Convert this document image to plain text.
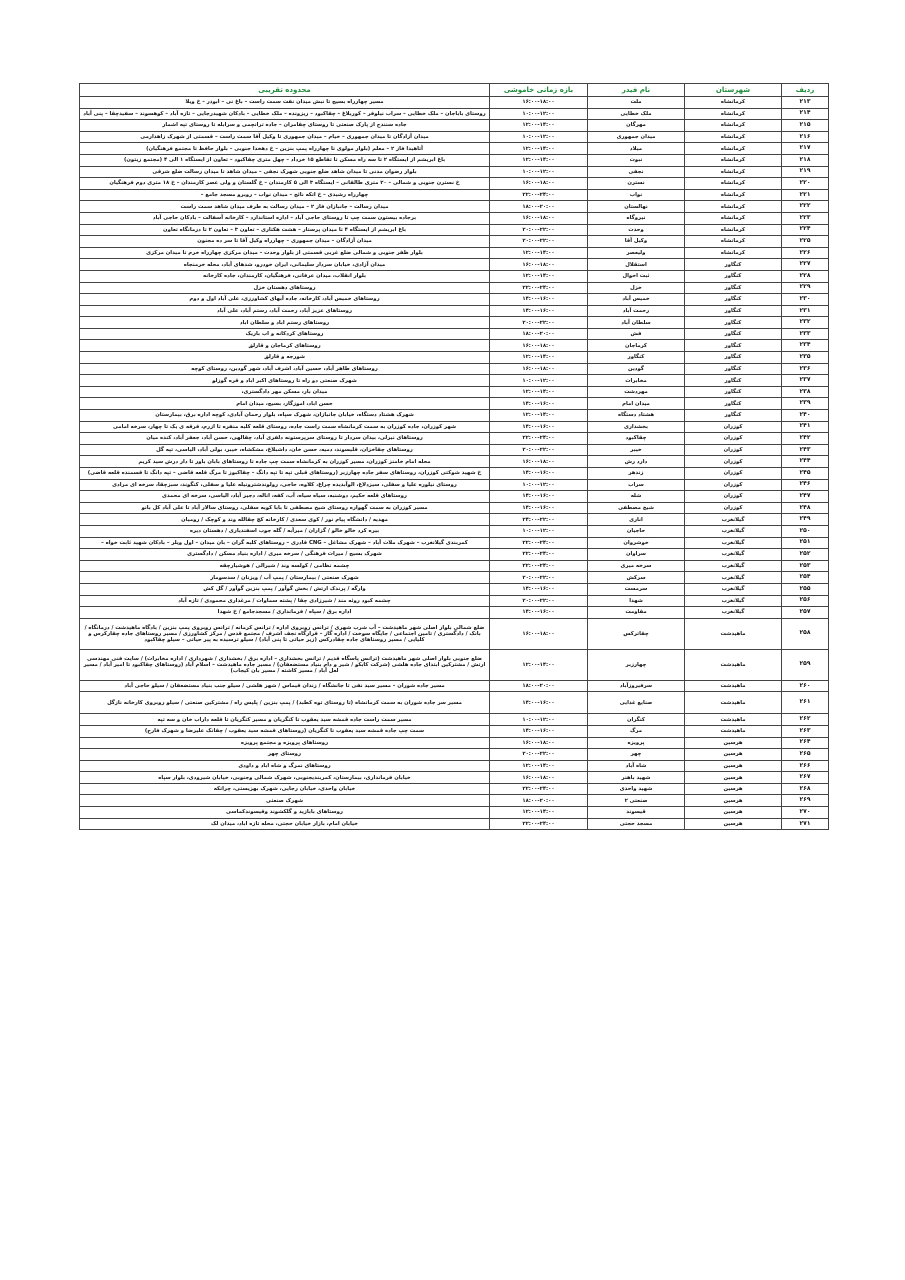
ردیف	شهرستان	نام فیدر	بازه زمانی خاموشی	محدوده تقریبی
۲۱۳	کرمانشاه	ملت	۱۶:۰۰-۱۸:۰۰	مسیر چهارراه بسیج تا نبش میدان نفت سمت راست – باغ نی – ابوذر – خ ویلا
۲۱۴	کرمانشاه	ملک خطایی	۱۰:۰۰-۱۲:۰۰	روستای باباجان – ملک خطایی – سراب نیلوفر – کوربلاغ – چقاکبود – ریزونده – ملک خطایی – بادکان شهیدرجایی – تازه آباد – کوهسوند – سفیدچقا – پنی آباد
۲۱۵	کرمانشاه	مهرگان	۱۲:۰۰-۱۴:۰۰	جاده سنندج از پارک صنعتی تا روستای چقامران – جاده ترانچمی و سرابله تا روستای تپه اشمار
۲۱۶	کرمانشاه	میدان جمهوری	۱۰:۰۰-۱۲:۰۰	میدان آزادگان تا میدان جمهوری – خیام – میدان جمهوری تا وکیل آقا سمت راست – قسمتی از شهرک زاهدارمی
۲۱۷	کرمانشاه	میلاد	۱۲:۰۰-۱۴:۰۰	آتاهیدا فاز ۲ – معلم (بلوار مولوی تا چهارراه پمپ بنزین – خ دهخدا جنوبی – بلوار حافظ تا مجتمع فرهنگیان)
۲۱۸	کرمانشاه	نبوت	۱۲:۰۰-۱۴:۰۰	باغ ابریشم از ایستگاه ۲ تا سه راه مسکن تا تقاطع ۱۵ خرداد – چهل متری چقاکبود – تعاون از ایستگاه ۱ الی ۴ (مجتمع زیتون)
۲۱۹	کرمانشاه	نجفی	۱۰:۰۰-۱۲:۰۰	بلوار رضوان مدنی تا میدان شاهد ضلع جنوبی شهرک نجفی – میدان شاهد تا میدان رسالت ضلع شرقی
۲۲۰	کرمانشاه	نسترن	۱۶:۰۰-۱۸:۰۰	خ نسترن جنوبی و شمالی – ۲۰ متری طالقانی – ایستگاه ۳ الی ۵ کارمندان – خ گلستان و ولی عصر کارمندان – خ ۱۸ متری دوم فرهنگیان
۲۲۱	کرمانشاه	نواب	۲۲:۰۰-۲۴:۰۰	چهارراه رشیدی – خ اتکه نائج – میدان نواب – روبرو مسجد جامع –
۲۲۲	کرمانشاه	نهالستان	۱۸:۰۰-۲۰:۰۰	میدان رسالت – جانبازان فاز ۲ – میدان رسالت به طرف میدان شاهد سمت راست
۲۲۳	کرمانشاه	نیروگاه	۱۶:۰۰-۱۸:۰۰	برجاده بیستون سمت چپ تا روستای حاجی آباد – اداره استاندارد – کارخانه آسفالت – بادکان حاجی آباد
۲۲۴	کرمانشاه	وحدت	۲۰:۰۰-۲۲:۰۰	باغ ابریشم از ایستگاه ۴ تا میدان پرستار – هشت هکتاری – تعاون ۳ – تعاون ۲ تا درمانگاه تعاون
۲۲۵	کرمانشاه	وکیل آقا	۲۰:۰۰-۲۲:۰۰	میدان آزادگان – میدان جمهوری – چهارراه وکیل آقا تا سر ده مجنون
۲۲۶	کرمانشاه	ولیعصر	۱۲:۰۰-۱۴:۰۰	بلوار ظفر جنوبی و شمالی ضلع غربی قسمتی از بلوار وحدت – میدان مرکزی چهارراه خرم تا میدان مرکزی
۲۲۷	کنگاور	استقلال	۱۶:۰۰-۱۸:۰۰	میدان آزادی، خیابان سردار سلیمانی، ایران خودرو، شدهای آباد، محله خرمنجاه
۲۲۸	کنگاور	ثبت احوال	۱۲:۰۰-۱۴:۰۰	بلوار انقلاب، میدان عرفانی، فرهنگیان، کارمندان، جاده کارخانه
۲۲۹	کنگاور	خزل	۲۲:۰۰-۲۴:۰۰	روستاهای دهستان خزل
۲۳۰	کنگاور	خمیس آباد	۱۴:۰۰-۱۶:۰۰	روستاهای خمیس آباد، کارخانه، جاده آبهای کشاورزی، علی آباد اول و دوم
۲۳۱	کنگاور	رحمت آباد	۱۴:۰۰-۱۶:۰۰	روستاهای عزیز آباد، رحمت آباد، رستم آباد، علی آباد
۲۳۲	کنگاور	سلطان آباد	۲۰:۰۰-۲۲:۰۰	روستاهای رستم اباد و سلطان اباد
۲۳۳	کنگاور	فش	۱۸:۰۰-۲۰:۰۰	روستاهای کردکانه و اب باریک
۲۳۴	کنگاور	کرماجان	۱۶:۰۰-۱۸:۰۰	روستاهای کرماجان و قارلق
۲۳۵	کنگاور	کنگاور	۱۲:۰۰-۱۴:۰۰	شورجه و قارلق
۲۳۶	کنگاور	گودین	۱۶:۰۰-۱۸:۰۰	روستاهای طاهر آباد، حسین آباد، اشرف آباد، شهر گودین، روستای کوچه
۲۳۷	کنگاور	مخابرات	۱۰:۰۰-۱۲:۰۰	شهرک صنعتی دو راه تا روستاهای اکبر اباد و قره گوزلو
۲۳۸	کنگاور	مهردشت	۱۲:۰۰-۱۴:۰۰	میدان بار، مسکن مهر دادگستری،
۲۳۹	کنگاور	میدان امام	۱۴:۰۰-۱۶:۰۰	حسن اباد، اموزگار، بسیج، میدان امام
۲۴۰	کنگاور	هشتاد دستگاه	۱۲:۰۰-۱۴:۰۰	شهرک هشتاد دستگاه، خیابان جانبازان، شهرک سپاه، بلوار رحمان آبادی، کوچه اداره برق، بیمارستان
۲۴۱	کوزران	بخشداری	۱۴:۰۰-۱۶:۰۰	شهر کوزران، جاده کوزران به سمت کرمانشاه سمت راست جاده، روستای قلعه کلبه منفره تا ازرم، فرقه ی یک تا چهار، سرخه امامی
۲۴۲	کوزران	چقاکبود	۲۲:۰۰-۲۴:۰۰	روستاهای نیرلی، بیدان سردار تا روستای سرپرستونه دلفری آباد، چقالهی، حسن آباد، جعفر آباد، کنده میان
۲۴۳	کوزران	خیبر	۲۰:۰۰-۲۲:۰۰	روستاهای چقاخزان، قلیسوند، دمیه، حسن خان، داشبلاغ، مشکشاه، خیبر، بولی آباد، الیاسی، تپه گل
۲۴۴	کوزران	دارد رش	۱۶:۰۰-۱۸:۰۰	محله امام خامنز کوزران، مسیر کوزران به کرمانشاه سمت چپ جاده تا روستاهای بابان باور تا دار درش سید کریم
۲۴۵	کوزران	زندهر	۱۴:۰۰-۱۶:۰۰	خ شهید شوکتی کوزران، روستاهای سفر جاده چهارزبر (روستاهای قبلی تپه تا تپه دانگ – چقاکبوز تا مرگ قلعه قاضی – تپه دانگ تا قسمنده قلعه قاضی)
۲۴۶	کوزران	سراب	۱۰:۰۰-۱۲:۰۰	روستای نیلوره علیا و سفلی، سیزدلاغ، الوآبدیده چراغ، کلاوه، حاجی، رولوندشترونیله علیا و سفلی، کنگوند، سبزچقا، سرخه ای مرادی
۲۴۷	کوزران	شله	۱۴:۰۰-۱۶:۰۰	روستاهای قلعه حکیم، دوشنبه، سیاه سیاه، آب، کفه، اناله، دجیر آباد، الیاسی، سرخه ای محمدی
۲۴۸	کوزران	شیخ مصطفی	۱۴:۰۰-۱۶:۰۰	مسیر کوزران به سمت گهواره روستای شیخ مصطفی تا بابا کوبه سفلی، روستای سالار آباد تا علی آباد کل بانو
۲۴۹	گیلانغرب	اناری	۲۴:۰۰-۲۲:۰۰	مهدیه / دانشگاه پیام نور / کوی سعدی / کارخانه کچ چقالله وند و کوچک / رومیان
۲۵۰	گیلانغرب	حاجیان	۱۰:۰۰-۱۲:۰۰	بیره کرد خالو خالو / گزاران / میرآبه / گله جوب اسفندیاری / دهستان دیره
۲۵۱	گیلانغرب	خوشروان	۲۲:۰۰-۲۴:۰۰	کمربندی گیلانغرب – شهرک ملات آباد – شهرک مشاغل – CNG قادری – روستاهای کلبه گران – بان میدان – اول ویلر – بادکان شهید ثابت خواه –
۲۵۲	گیلانغرب	سراوان	۲۲:۰۰-۲۴:۰۰	شهرک بسیج / میراث فرهنگی / سرخه میری / اداره بنیاد مسکن / دادگستری
۲۵۳	گیلانغرب	سرخه میری	۲۲:۰۰-۲۴:۰۰	چشمه نظامی / کولسه وند / شیرالی / هوشیارچقه
۲۵۴	گیلانغرب	سرکش	۲۰:۰۰-۲۲:۰۰	شهرک صنعتی / بیمارستان / پمپ آب / ویزنان / سدسومار
۲۵۵	گیلانغرب	سرمست	۱۴:۰۰-۱۶:۰۰	وارگه / پرندک ارتش / بخش گوآور / پمپ بنزین گوآور / گل کش
۲۵۶	گیلانغرب	شهدا	۲۰:۰۰-۲۲:۰۰	چشمه کبود روئه مند / شیرزادی چقا / پشته سماوات / مرغداری محمودی / تازه آباد
۲۵۷	گیلانغرب	مقاومت	۱۴:۰۰-۱۶:۰۰	اداره برق / سپاه / فرمانداری / مسجدجامع / خ شهدا
۲۵۸	ماهیدشت	چقاترکس	۱۶:۰۰-۱۸:۰۰	ضلع شمالی بلوار اصلی شهر ماهیدشت – آب شرب شهری / ترانس روبروی اداره / ترانس کرمانه / ترانس روبروی پمپ بنزین / بادگاه ماهیدشت / درمانگاه / بانک / دادگستری / تامین اجتماعی / جایگاه سوخت / اداره گاز – قرارگاه نجف اشرف / مجتمع قدس / مرکز کشاورزی / مسیر روستاهای جاده چقارکرس و کلیایی / مسیر روستاهای جاده چقادرکس (زیر حیاتی تا پنی آباد) / سیلو ترسیده به پیر حیاتی – سیلو چقاکبود
۲۵۹	ماهیدشت	چهارزبر	۱۲:۰۰-۱۴:۰۰	ضلع جنوبی بلوار اصلی شهر ماهیدشت (ترانس پاسگاه قدیم / ترانس بخشداری – اداره برق / بخشداری / شهرداری / اداره مخابرات) / سایت فنی مهندسی ارتش / مشترکین ابتدای جاده هلشی (شرکت کابکو / شیر و دام بنیاد مستضعفان) / مسیر جاده ماهیدشت – اسلام آباد (روستاهای چقاکبود تا امیر آباد / مسیر لعل آباد / مسیر کاشته / مسیر بان کیجاب)
۲۶۰	ماهیدشت	سرفیروزآباد	۱۸:۰۰-۲۰:۰۰	مسیر جاده شوران – مسیر سید نفی تا جانشگاه / زندان قیماس / شهر هلشی / سیلو جنب بنیاد مستضعفان / سیلو حاجی آباد
۲۶۱	ماهیدشت	صنایع غذایی	۱۴:۰۰-۱۶:۰۰	مسیر سر جاده شوران به سمت کرمانشاه (تا روستای توه کطبد) / پمپ بنزین / پلیس راه / مشترکین صنعتی / سیلو روبروی کارخانه نازگل
۲۶۲	ماهیدشت	کنگران	۱۰:۰۰-۱۲:۰۰	مسیر سمت راست جاده قمشه سید یعقوب تا کنگریان و مسیر کنگریان تا قلعه داراب خان و سه تپه
۲۶۳	ماهیدشت	مرگ	۱۴:۰۰-۱۶:۰۰	سمت چپ جاده قمشه سید یعقوب تا کنگریان (روستاهای قمشه سید یعقوب / چقانک علیرضا و شهرک فارج)
۲۶۴	هرسین	پرویزه	۱۶:۰۰-۱۸:۰۰	روستاهای پرویزه و مجتمع پرویزه
۲۶۵	هرسین	چهر	۲۰:۰۰-۲۲:۰۰	روستای چهر
۲۶۶	هرسین	شاه آباد	۱۲:۰۰-۱۴:۰۰	روستاهای نمرگ و شاه اباد و داودی
۲۶۷	هرسین	شهید باهنر	۱۶:۰۰-۱۸:۰۰	خیابان فرمانداری، بیمارستان، کمربندیجنوبی، شهرک شمالی وجنوبی، خیابان شیرودی، بلوار سپاه
۲۶۸	هرسین	شهید واحدی	۲۲:۰۰-۲۴:۰۰	خیابان واحدی، خیابان رجایی، شهرک بهزیستی، چراتکه
۲۶۹	هرسین	صنعتی ۲	۱۸:۰۰-۲۰:۰۰	شهرک صنعتی
۲۷۰	هرسین	قیسوند	۱۲:۰۰-۱۴:۰۰	روستاهای بابازید و گلکشوند وقیسوندکماسی
۲۷۱	هرسین	مسجد حجتی	۲۲:۰۰-۲۴:۰۰	خیابان امام، بازار خیابان حجتی، محله تازه اباد، میدان لک
